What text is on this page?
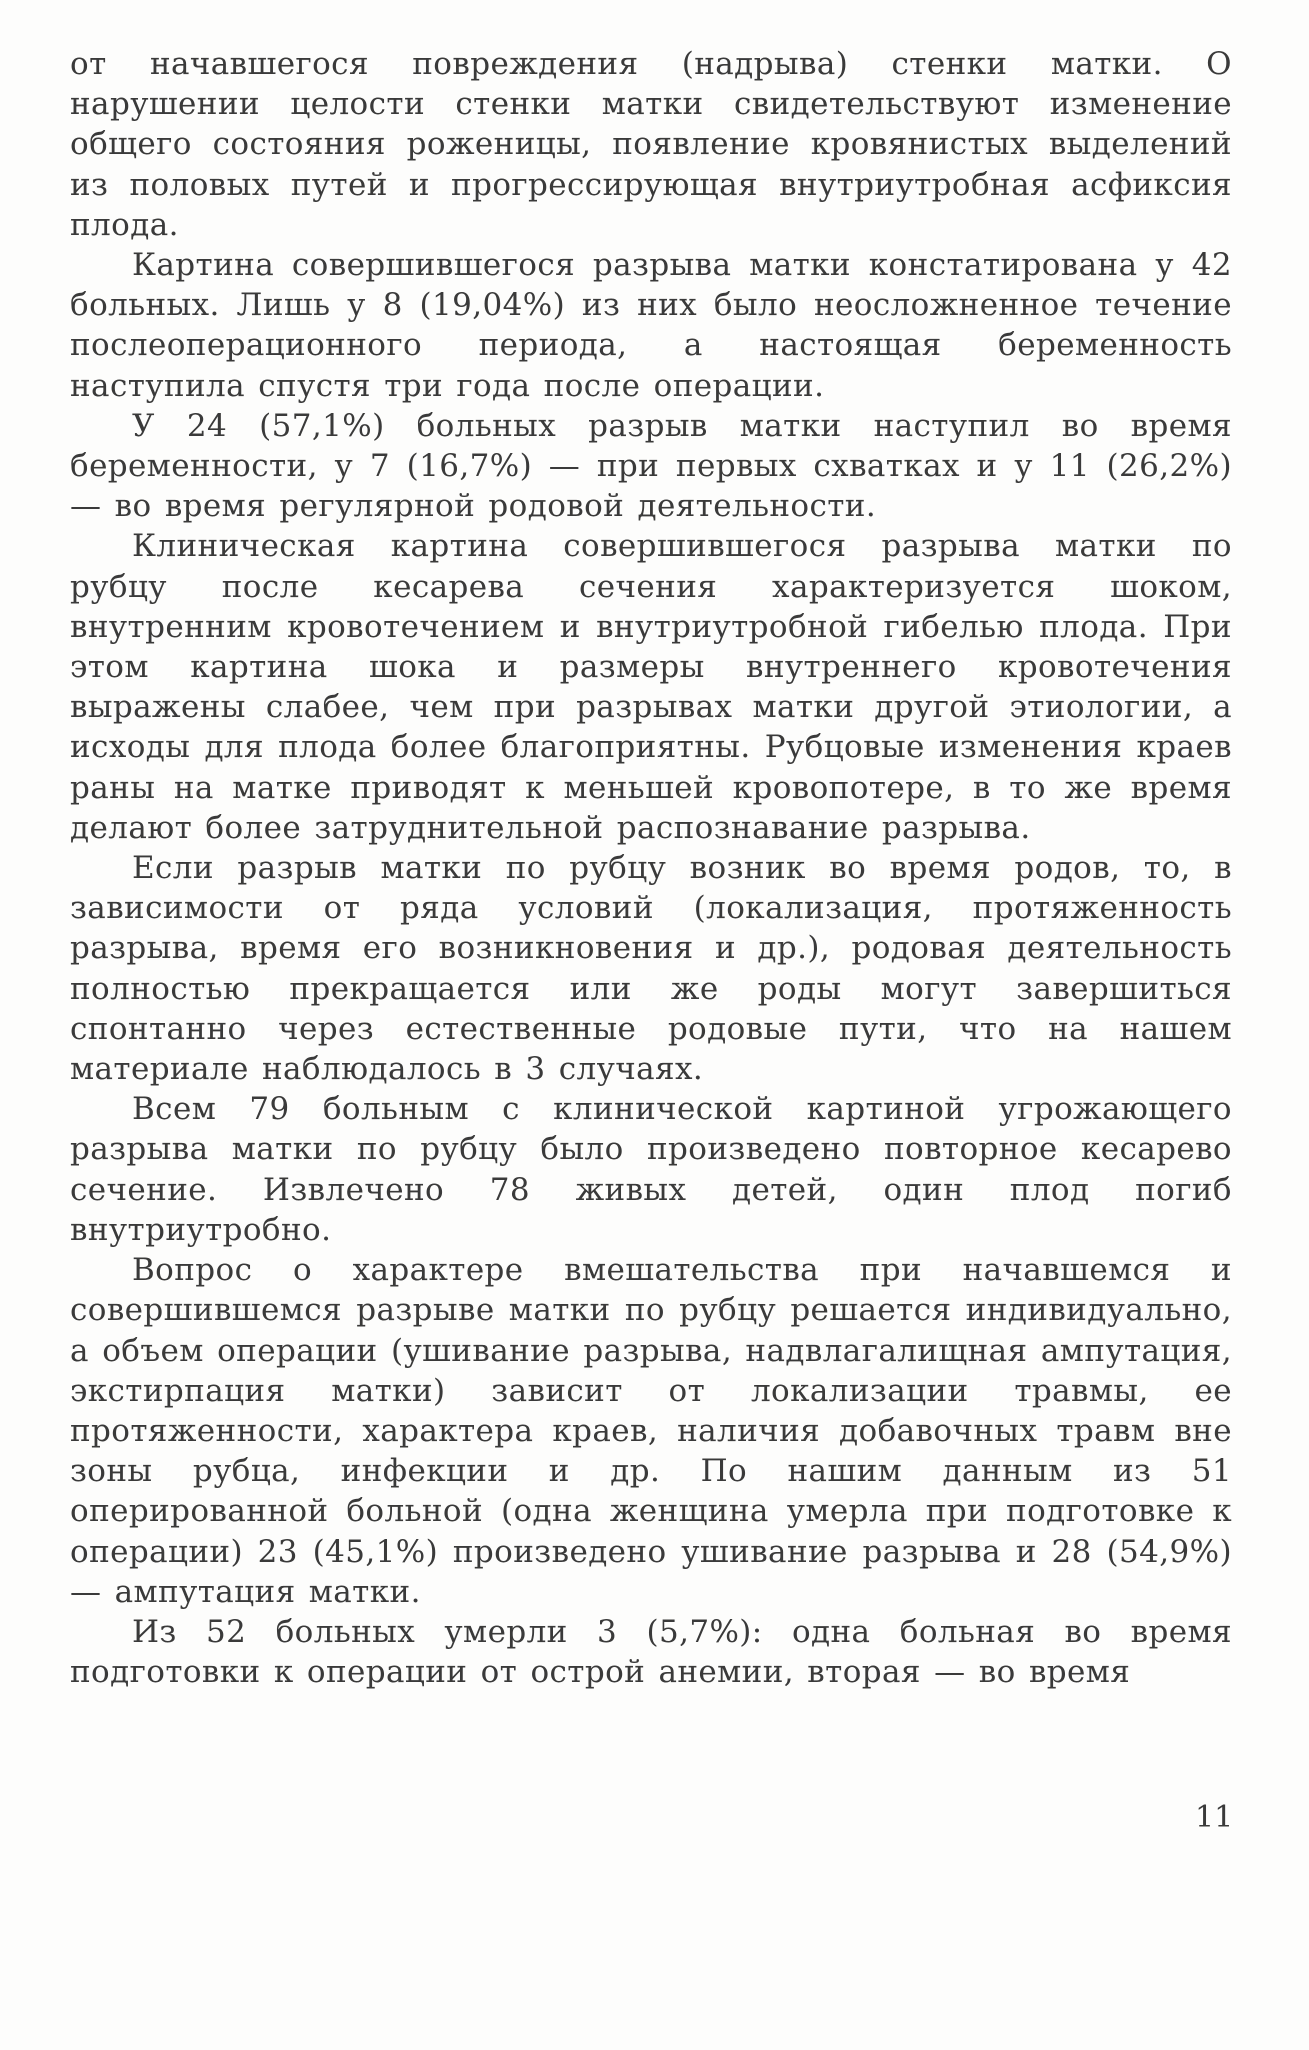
от начавшегося повреждения (надрыва) стенки матки. О нарушении целости стенки матки свидетельствуют изменение общего состояния роженицы, появление кровянистых выделений из половых путей и прогрессирующая внутриутробная асфиксия плода.

Картина совершившегося разрыва матки констатирована у 42 больных. Лишь у 8 (19,04%) из них было неосложненное течение послеоперационного периода, а настоящая беременность наступила спустя три года после операции.

У 24 (57,1%) больных разрыв матки наступил во время беременности, у 7 (16,7%) — при первых схватках и у 11 (26,2%) — во время регулярной родовой деятельности.

Клиническая картина совершившегося разрыва матки по рубцу после кесарева сечения характеризуется шоком, внутренним кровотечением и внутриутробной гибелью плода. При этом картина шока и размеры внутреннего кровотечения выражены слабее, чем при разрывах матки другой этиологии, а исходы для плода более благоприятны. Рубцовые изменения краев раны на матке приводят к меньшей кровопотере, в то же время делают более затруднительной распознавание разрыва.

Если разрыв матки по рубцу возник во время родов, то, в зависимости от ряда условий (локализация, протяженность разрыва, время его возникновения и др.), родовая деятельность полностью прекращается или же роды могут завершиться спонтанно через естественные родовые пути, что на нашем материале наблюдалось в 3 случаях.

Всем 79 больным с клинической картиной угрожающего разрыва матки по рубцу было произведено повторное кесарево сечение. Извлечено 78 живых детей, один плод погиб внутриутробно.

Вопрос о характере вмешательства при начавшемся и совершившемся разрыве матки по рубцу решается индивидуально, а объем операции (ушивание разрыва, надвлагалищная ампутация, экстирпация матки) зависит от локализации травмы, ее протяженности, характера краев, наличия добавочных травм вне зоны рубца, инфекции и др. По нашим данным из 51 оперированной больной (одна женщина умерла при подготовке к операции) 23 (45,1%) произведено ушивание разрыва и 28 (54,9%) — ампутация матки.

Из 52 больных умерли 3 (5,7%): одна больная во время подготовки к операции от острой анемии, вторая — во время

11
